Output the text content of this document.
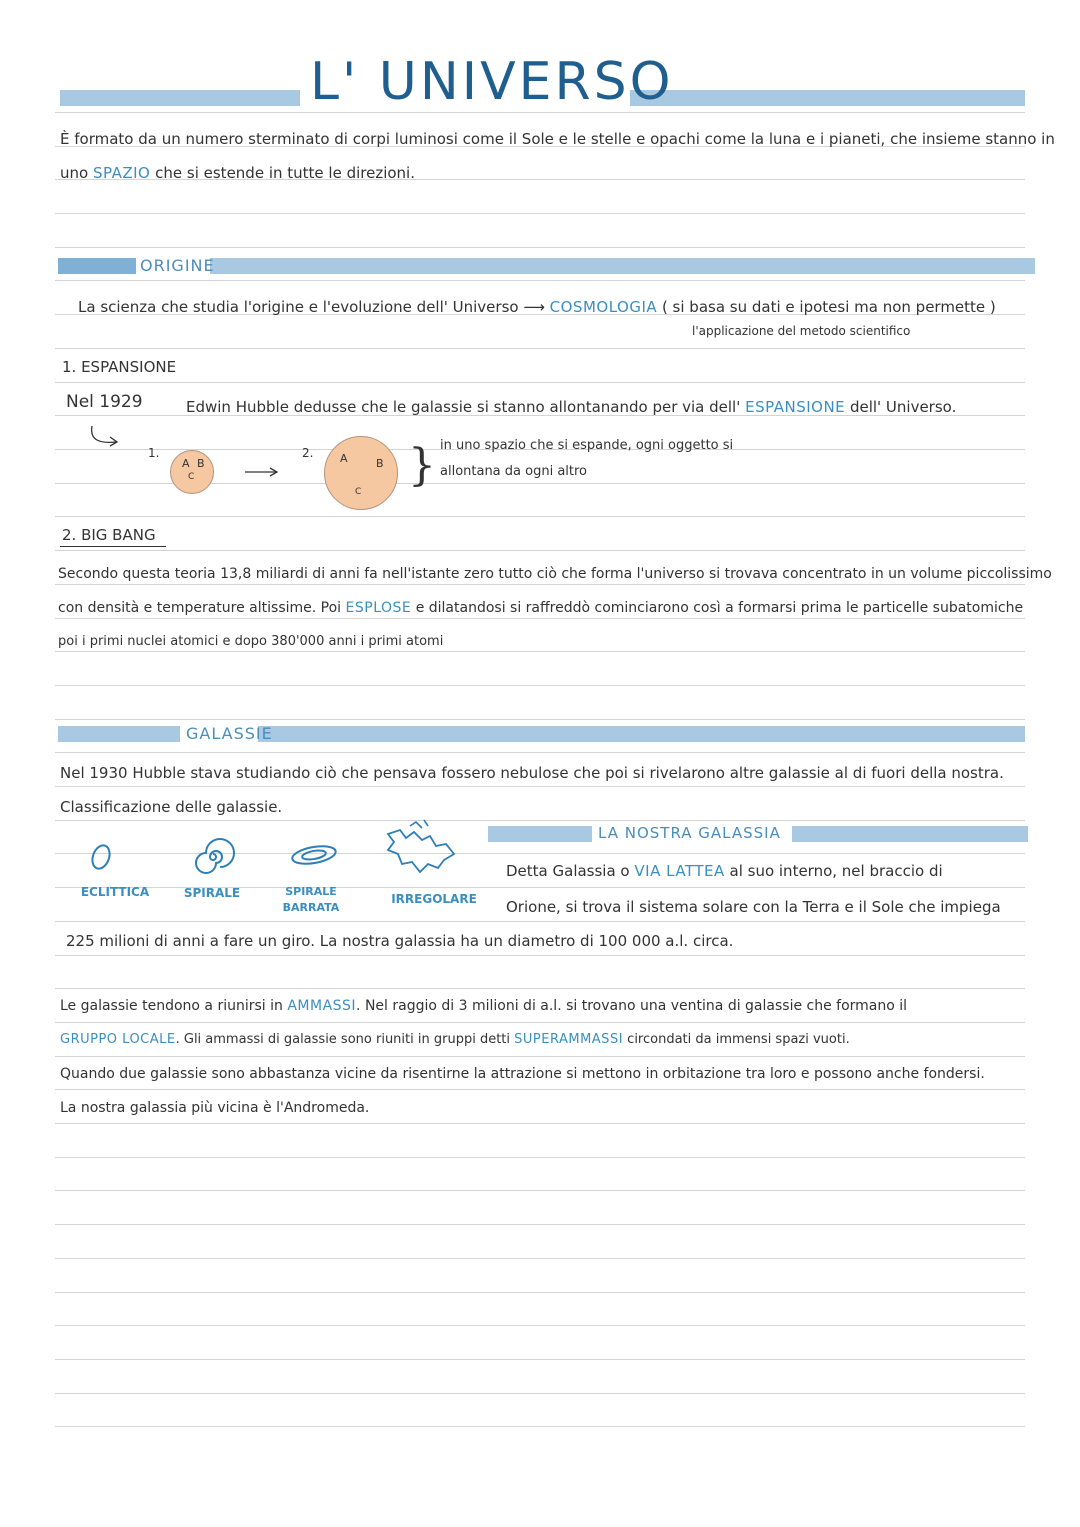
L' UNIVERSO
È formato da un numero sterminato di corpi luminosi come il Sole e le stelle e opachi come la luna e i pianeti, che insieme stanno in
uno SPAZIO che si estende in tutte le direzioni.
ORIGINE
La scienza che studia l'origine e l'evoluzione dell' Universo ⟶ COSMOLOGIA ( si basa su dati e ipotesi ma non permette )
l'applicazione del metodo scientifico
1. ESPANSIONE
Nel 1929	Edwin Hubble dedusse che le galassie si stanno allontanando per via dell' ESPANSIONE dell' Universo.
1.
A B
C
2. A	B
C
} in uno spazio che si espande, ogni oggetto si
allontana da ogni altro
2. BIG BANG
Secondo questa teoria 13,8 miliardi di anni fa nell'istante zero tutto ciò che forma l'universo si trovava concentrato in un volume piccolissimo
con densità e temperature altissime. Poi ESPLOSE e dilatandosi si raffreddò cominciarono così a formarsi prima le particelle subatomiche
poi i primi nuclei atomici e dopo 380'000 anni i primi atomi
GALASSIE
Nel 1930 Hubble stava studiando ciò che pensava fossero nebulose che poi si rivelarono altre galassie al di fuori della nostra.
Classificazione delle galassie.
ECLITTICA	SPIRALE	SPIRALE BARRATA
IRREGOLARE
LA NOSTRA GALASSIA
Detta Galassia o VIA LATTEA al suo interno, nel braccio di
Orione, si trova il sistema solare con la Terra e il Sole che impiega
225 milioni di anni a fare un giro. La nostra galassia ha un diametro di 100 000 a.l. circa.
Le galassie tendono a riunirsi in AMMASSI. Nel raggio di 3 milioni di a.l. si trovano una ventina di galassie che formano il
GRUPPO LOCALE. Gli ammassi di galassie sono riuniti in gruppi detti SUPERAMMASSI circondati da immensi spazi vuoti.
Quando due galassie sono abbastanza vicine da risentirne la attrazione si mettono in orbitazione tra loro e possono anche fondersi.
La nostra galassia più vicina è l'Andromeda.
